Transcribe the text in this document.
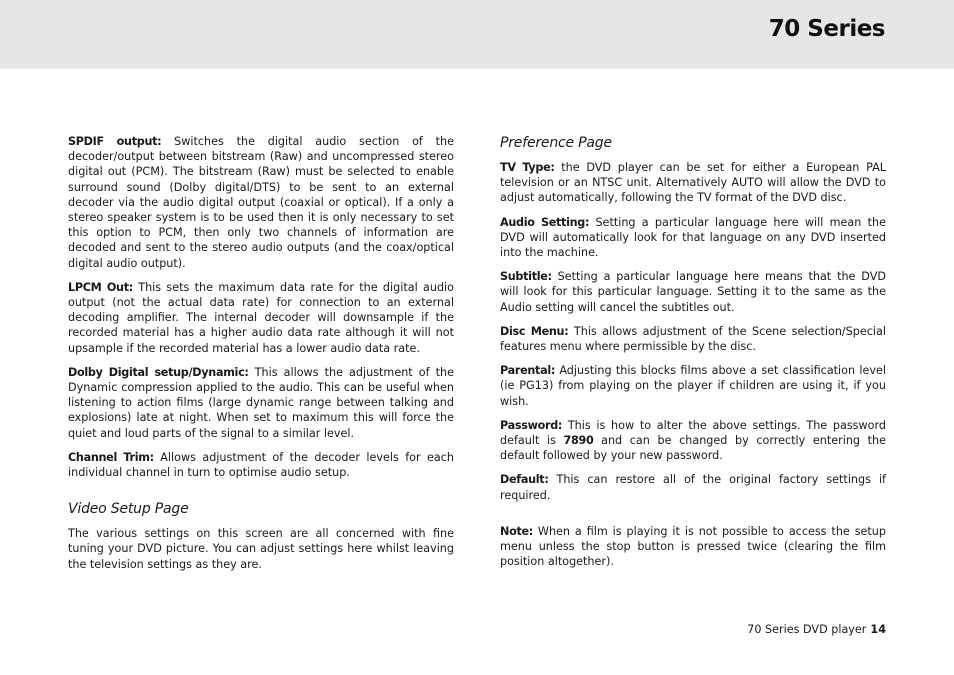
70 Series

SPDIF output: Switches the digital audio section of the decoder/output between bitstream (Raw) and uncompressed stereo digital out (PCM). The bitstream (Raw) must be selected to enable surround sound (Dolby digital/DTS) to be sent to an external decoder via the audio digital output (coaxial or optical). If a only a stereo speaker system is to be used then it is only necessary to set this option to PCM, then only two channels of information are decoded and sent to the stereo audio outputs (and the coax/optical digital audio output).

LPCM Out: This sets the maximum data rate for the digital audio output (not the actual data rate) for connection to an external decoding amplifier. The internal decoder will downsample if the recorded material has a higher audio data rate although it will not upsample if the recorded material has a lower audio data rate.

Dolby Digital setup/Dynamic: This allows the adjustment of the Dynamic compression applied to the audio. This can be useful when listening to action films (large dynamic range between talking and explosions) late at night. When set to maximum this will force the quiet and loud parts of the signal to a similar level.

Channel Trim: Allows adjustment of the decoder levels for each individual channel in turn to optimise audio setup.

Video Setup Page

The various settings on this screen are all concerned with fine tuning your DVD picture. You can adjust settings here whilst leaving the television settings as they are.

Preference Page

TV Type: the DVD player can be set for either a European PAL television or an NTSC unit. Alternatively AUTO will allow the DVD to adjust automatically, following the TV format of the DVD disc.

Audio Setting: Setting a particular language here will mean the DVD will automatically look for that language on any DVD inserted into the machine.

Subtitle: Setting a particular language here means that the DVD will look for this particular language. Setting it to the same as the Audio setting will cancel the subtitles out.

Disc Menu: This allows adjustment of the Scene selection/Special features menu where permissible by the disc.

Parental: Adjusting this blocks films above a set classification level (ie PG13) from playing on the player if children are using it, if you wish.

Password: This is how to alter the above settings. The password default is 7890 and can be changed by correctly entering the default followed by your new password.

Default: This can restore all of the original factory settings if required.

Note: When a film is playing it is not possible to access the setup menu unless the stop button is pressed twice (clearing the film position altogether).

70 Series DVD player 14
